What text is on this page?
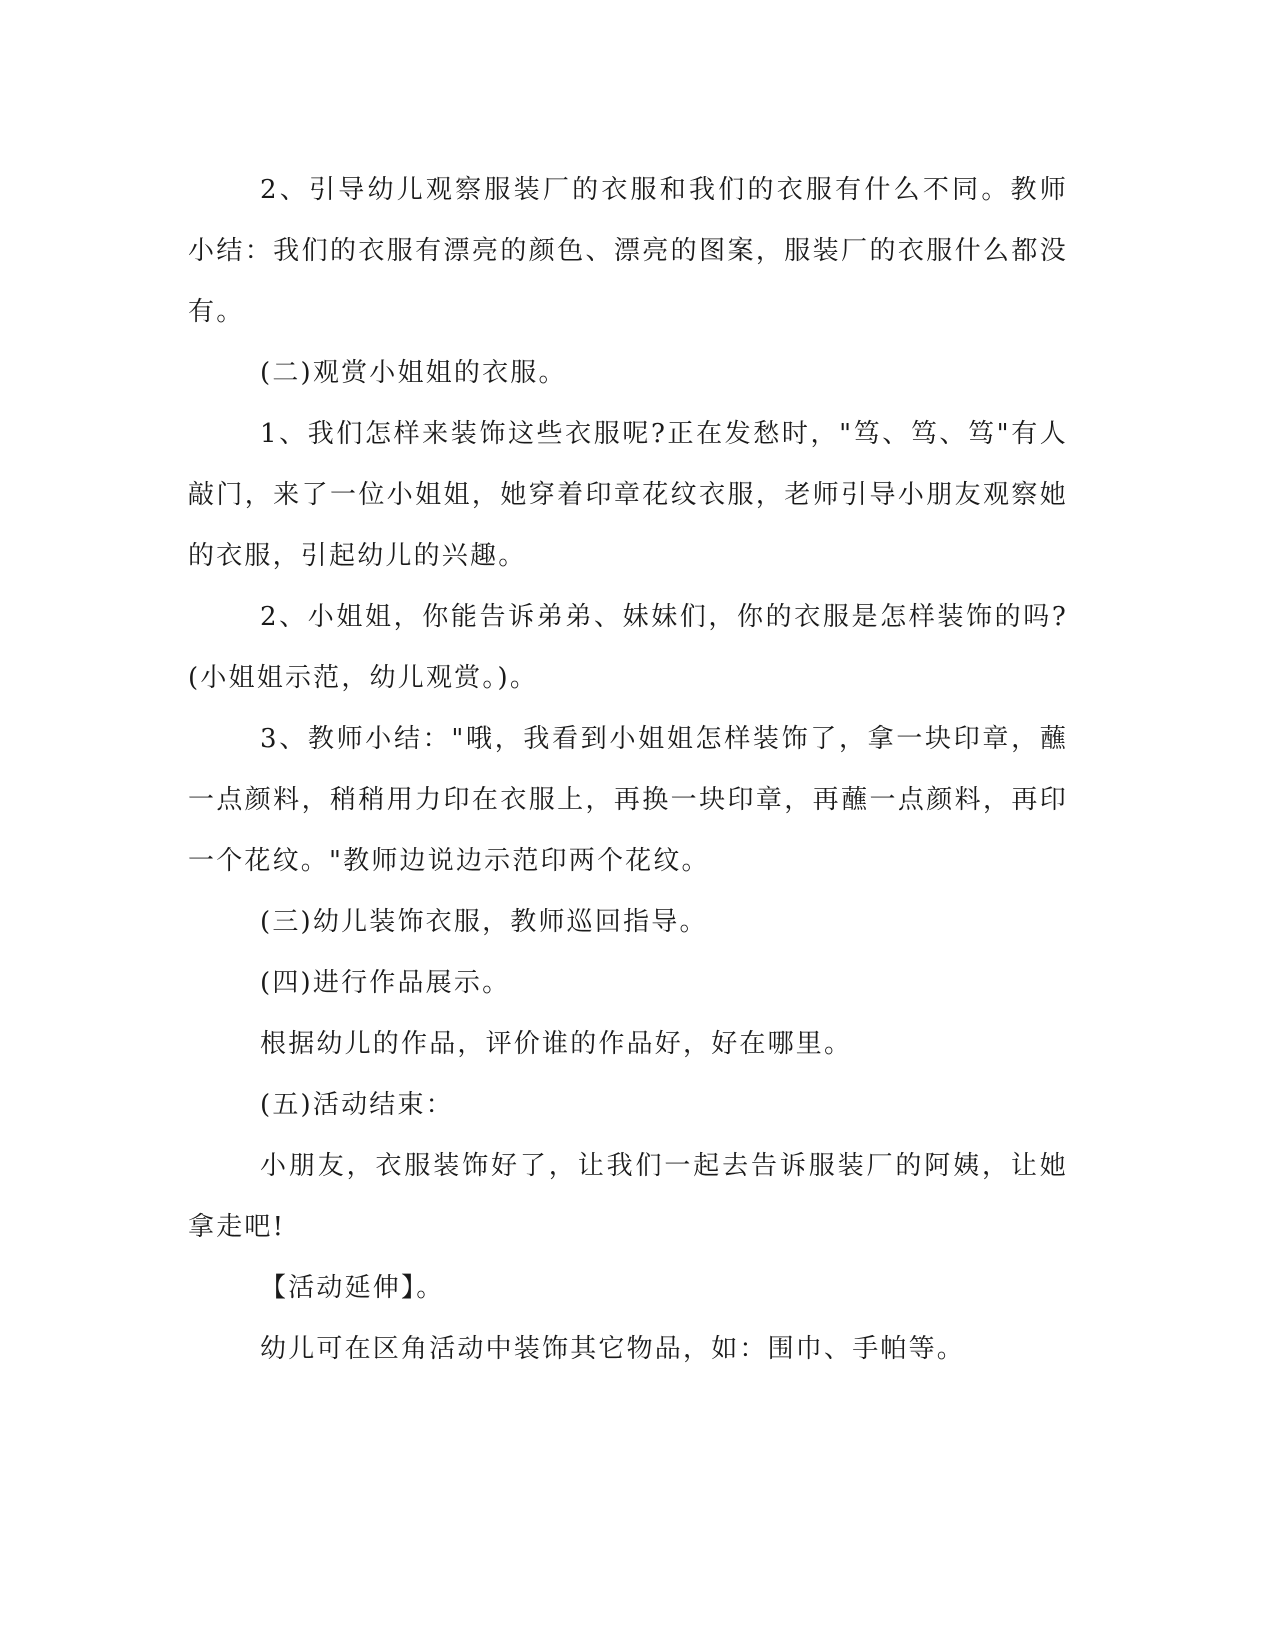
2、引导幼儿观察服装厂的衣服和我们的衣服有什么不同。教师小结：我们的衣服有漂亮的颜色、漂亮的图案，服装厂的衣服什么都没有。

(二)观赏小姐姐的衣服。

1、我们怎样来装饰这些衣服呢?正在发愁时，"笃、笃、笃"有人敲门，来了一位小姐姐，她穿着印章花纹衣服，老师引导小朋友观察她的衣服，引起幼儿的兴趣。

2、小姐姐，你能告诉弟弟、妹妹们，你的衣服是怎样装饰的吗?(小姐姐示范，幼儿观赏。)。

3、教师小结："哦，我看到小姐姐怎样装饰了，拿一块印章，蘸一点颜料，稍稍用力印在衣服上，再换一块印章，再蘸一点颜料，再印一个花纹。"教师边说边示范印两个花纹。

(三)幼儿装饰衣服，教师巡回指导。

(四)进行作品展示。

根据幼儿的作品，评价谁的作品好，好在哪里。

(五)活动结束：

小朋友，衣服装饰好了，让我们一起去告诉服装厂的阿姨，让她拿走吧!

【活动延伸】。

幼儿可在区角活动中装饰其它物品，如：围巾、手帕等。
